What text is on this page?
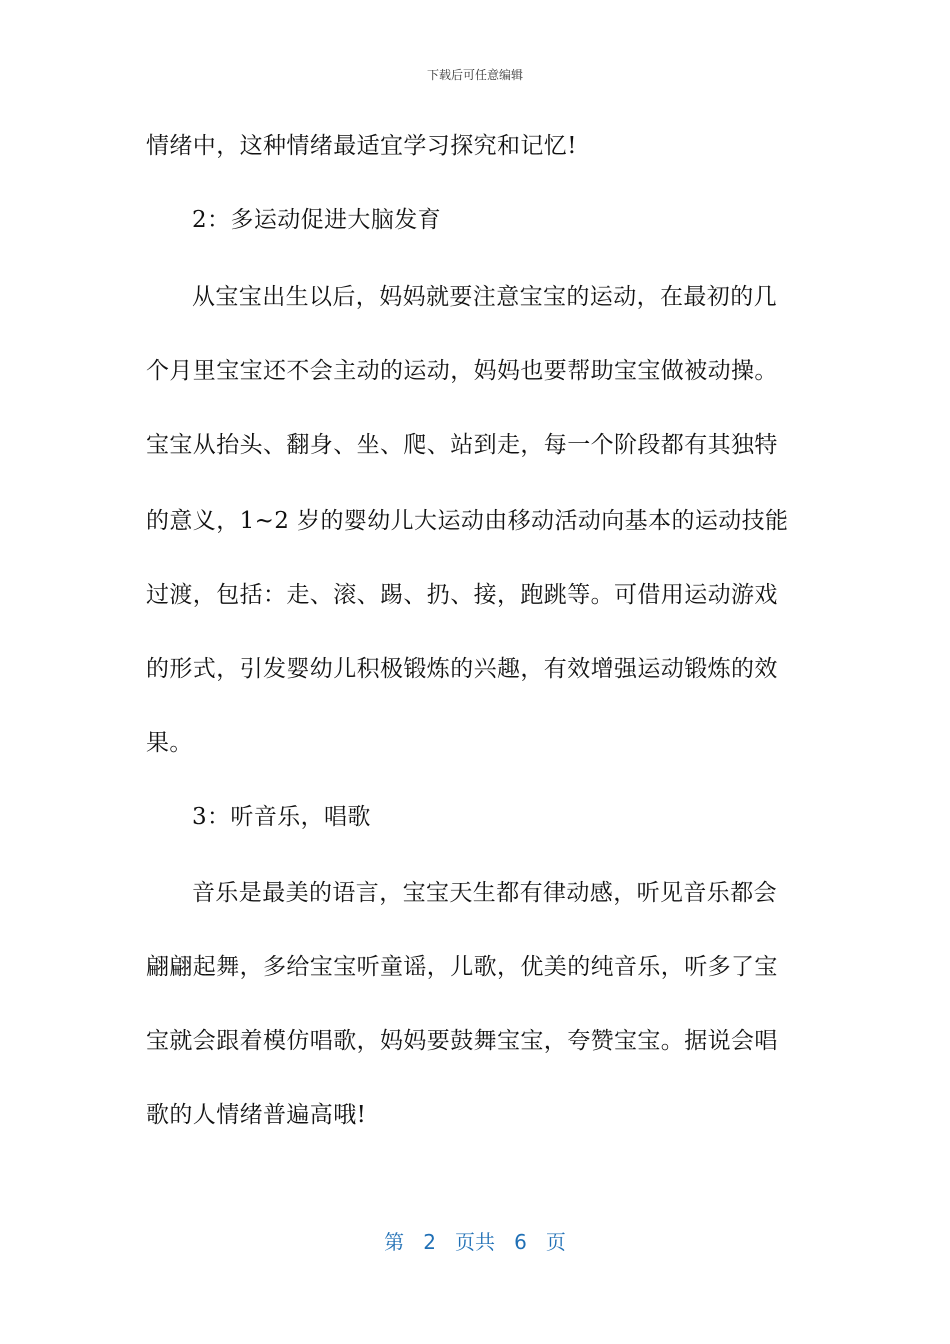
下载后可任意编辑
情绪中，这种情绪最适宜学习探究和记忆!
2：多运动促进大脑发育
从宝宝出生以后，妈妈就要注意宝宝的运动，在最初的几
个月里宝宝还不会主动的运动，妈妈也要帮助宝宝做被动操。
宝宝从抬头、翻身、坐、爬、站到走，每一个阶段都有其独特
的意义，1~2 岁的婴幼儿大运动由移动活动向基本的运动技能
过渡，包括：走、滚、踢、扔、接，跑跳等。可借用运动游戏
的形式，引发婴幼儿积极锻炼的兴趣，有效增强运动锻炼的效
果。
3：听音乐，唱歌
音乐是最美的语言，宝宝天生都有律动感，听见音乐都会
翩翩起舞，多给宝宝听童谣，儿歌，优美的纯音乐，听多了宝
宝就会跟着模仿唱歌，妈妈要鼓舞宝宝，夸赞宝宝。据说会唱
歌的人情绪普遍高哦!
第 2 页共 6 页
